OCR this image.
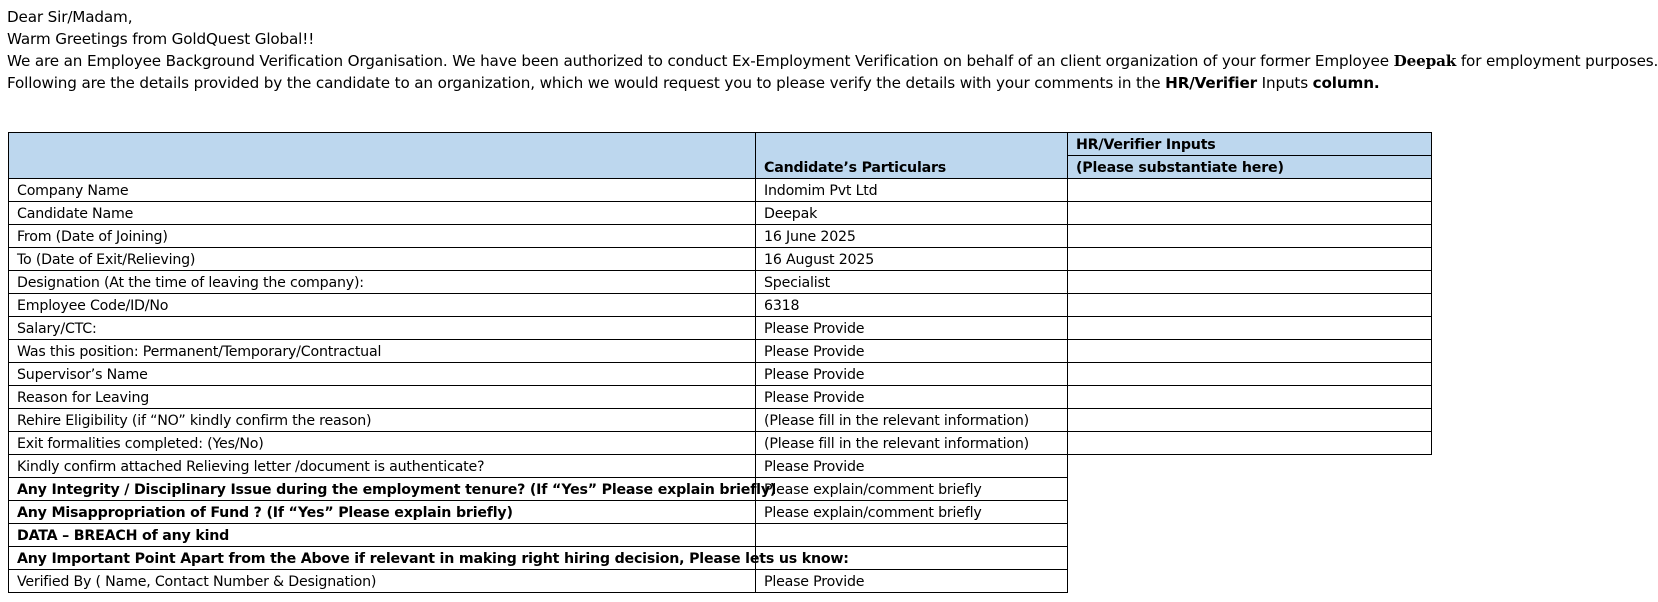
Dear Sir/Madam,
Warm Greetings from GoldQuest Global!!
We are an Employee Background Verification Organisation. We have been authorized to conduct Ex-Employment Verification on behalf of an client organization of your former Employee Deepak for employment purposes.
Following are the details provided by the candidate to an organization, which we would request you to please verify the details with your comments in the HR/Verifier Inputs column.
	Candidate’s Particulars	HR/Verifier Inputs
		(Please substantiate here)
Company Name	Indomim Pvt Ltd	
Candidate Name	Deepak	
From (Date of Joining)	16 June 2025	
To (Date of Exit/Relieving)	16 August 2025	
Designation (At the time of leaving the company):	Specialist	
Employee Code/ID/No	6318	
Salary/CTC:	Please Provide	
Was this position: Permanent/Temporary/Contractual	Please Provide	
Supervisor’s Name	Please Provide	
Reason for Leaving	Please Provide	
Rehire Eligibility (if “NO” kindly confirm the reason)	(Please fill in the relevant information)	
Exit formalities completed: (Yes/No)	(Please fill in the relevant information)	
Kindly confirm attached Relieving letter /document is authenticate?	Please Provide	
Any Integrity / Disciplinary Issue during the employment tenure? (If “Yes” Please explain briefly)	Please explain/comment briefly	
Any Misappropriation of Fund ? (If “Yes” Please explain briefly)	Please explain/comment briefly	
DATA – BREACH of any kind		
Any Important Point Apart from the Above if relevant in making right hiring decision, Please lets us know:		
Verified By ( Name, Contact Number & Designation)	Please Provide	
